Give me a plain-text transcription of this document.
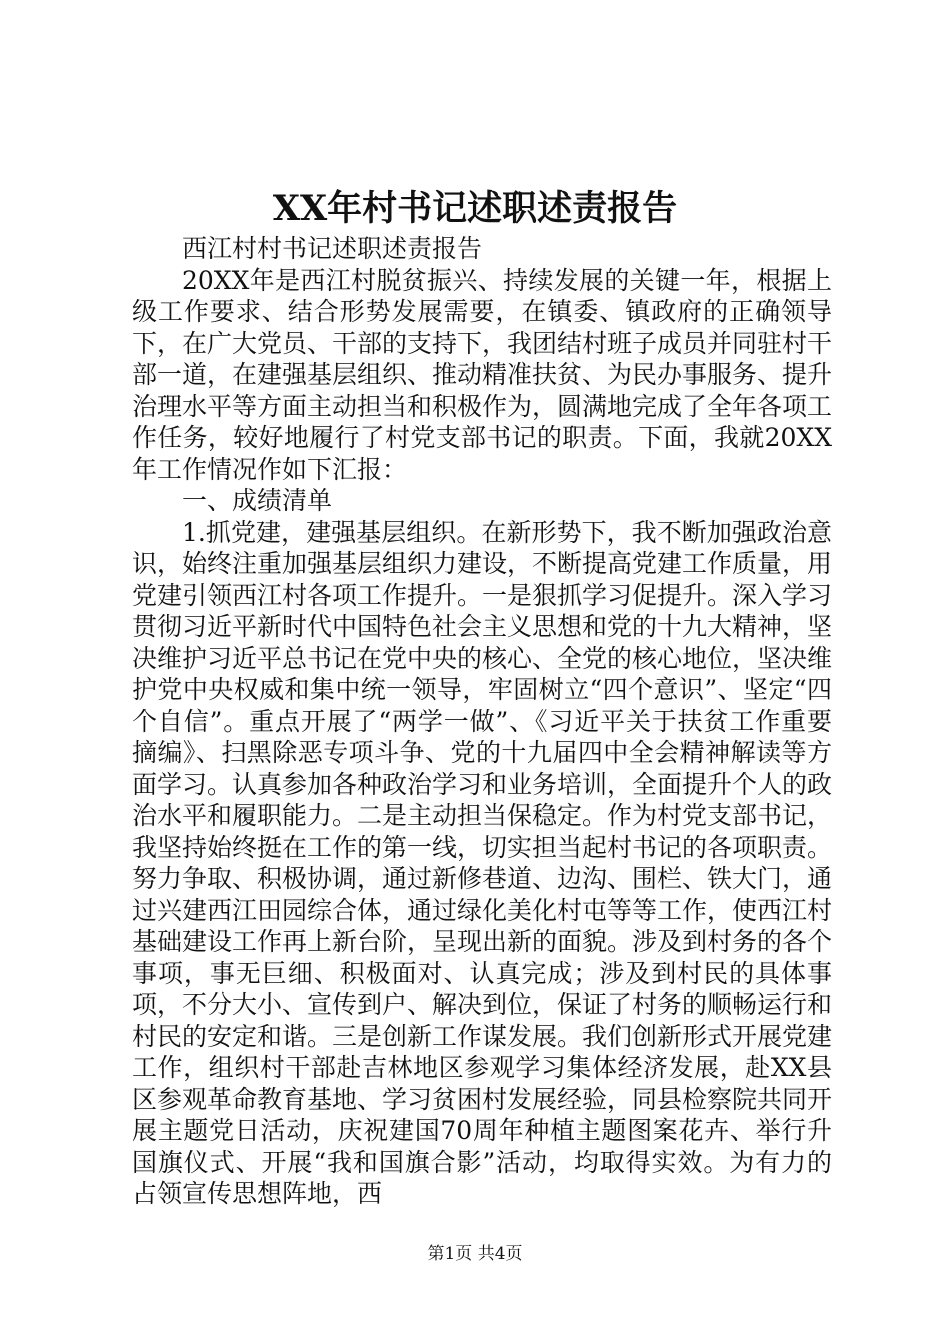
XX年村书记述职述责报告

西江村村书记述职述责报告

20XX年是西江村脱贫振兴、持续发展的关键一年，根据上级工作要求、结合形势发展需要，在镇委、镇政府的正确领导下，在广大党员、干部的支持下，我团结村班子成员并同驻村干部一道，在建强基层组织、推动精准扶贫、为民办事服务、提升治理水平等方面主动担当和积极作为，圆满地完成了全年各项工作任务，较好地履行了村党支部书记的职责。下面，我就20XX年工作情况作如下汇报：

一、成绩清单

1.抓党建，建强基层组织。在新形势下，我不断加强政治意识，始终注重加强基层组织力建设，不断提高党建工作质量，用党建引领西江村各项工作提升。一是狠抓学习促提升。深入学习贯彻习近平新时代中国特色社会主义思想和党的十九大精神，坚决维护习近平总书记在党中央的核心、全党的核心地位，坚决维护党中央权威和集中统一领导，牢固树立“四个意识”、坚定“四个自信”。重点开展了“两学一做”、《习近平关于扶贫工作重要摘编》、扫黑除恶专项斗争、党的十九届四中全会精神解读等方面学习。认真参加各种政治学习和业务培训，全面提升个人的政治水平和履职能力。二是主动担当保稳定。作为村党支部书记，我坚持始终挺在工作的第一线，切实担当起村书记的各项职责。努力争取、积极协调，通过新修巷道、边沟、围栏、铁大门，通过兴建西江田园综合体，通过绿化美化村屯等等工作，使西江村基础建设工作再上新台阶，呈现出新的面貌。涉及到村务的各个事项，事无巨细、积极面对、认真完成；涉及到村民的具体事项，不分大小、宣传到户、解决到位，保证了村务的顺畅运行和村民的安定和谐。三是创新工作谋发展。我们创新形式开展党建工作，组织村干部赴吉林地区参观学习集体经济发展，赴XX县区参观革命教育基地、学习贫困村发展经验，同县检察院共同开展主题党日活动，庆祝建国70周年种植主题图案花卉、举行升国旗仪式、开展“我和国旗合影”活动，均取得实效。为有力的占领宣传思想阵地，西

第1页 共4页
